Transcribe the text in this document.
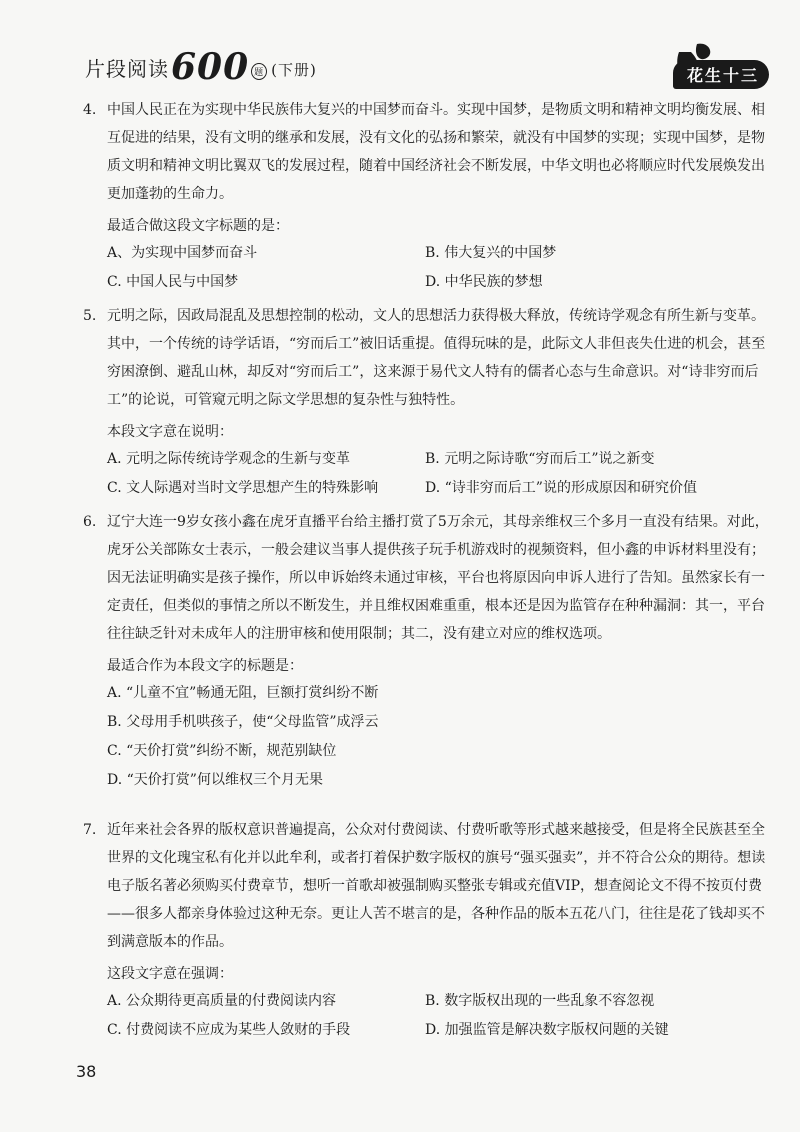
片段阅读 600 题 (下册)	花生十三
4. 中国人民正在为实现中华民族伟大复兴的中国梦而奋斗。实现中国梦，是物质文明和精神文明均衡发展、相互促进的结果，没有文明的继承和发展，没有文化的弘扬和繁荣，就没有中国梦的实现；实现中国梦，是物质文明和精神文明比翼双飞的发展过程，随着中国经济社会不断发展，中华文明也必将顺应时代发展焕发出更加蓬勃的生命力。
最适合做这段文字标题的是：
A、为实现中国梦而奋斗	B. 伟大复兴的中国梦
C. 中国人民与中国梦	D. 中华民族的梦想
5. 元明之际，因政局混乱及思想控制的松动，文人的思想活力获得极大释放，传统诗学观念有所生新与变革。其中，一个传统的诗学话语，“穷而后工”被旧话重提。值得玩味的是，此际文人非但丧失仕进的机会，甚至穷困潦倒、避乱山林，却反对“穷而后工”，这来源于易代文人特有的儒者心态与生命意识。对“诗非穷而后工”的论说，可管窥元明之际文学思想的复杂性与独特性。
本段文字意在说明：
A. 元明之际传统诗学观念的生新与变革	B. 元明之际诗歌“穷而后工”说之新变
C. 文人际遇对当时文学思想产生的特殊影响	D. “诗非穷而后工”说的形成原因和研究价值
6. 辽宁大连一9岁女孩小鑫在虎牙直播平台给主播打赏了5万余元，其母亲维权三个多月一直没有结果。对此，虎牙公关部陈女士表示，一般会建议当事人提供孩子玩手机游戏时的视频资料，但小鑫的申诉材料里没有；因无法证明确实是孩子操作，所以申诉始终未通过审核，平台也将原因向申诉人进行了告知。虽然家长有一定责任，但类似的事情之所以不断发生，并且维权困难重重，根本还是因为监管存在种种漏洞：其一，平台往往缺乏针对未成年人的注册审核和使用限制；其二，没有建立对应的维权选项。
最适合作为本段文字的标题是：
A. “儿童不宜”畅通无阻，巨额打赏纠纷不断
B. 父母用手机哄孩子，使“父母监管”成浮云
C. “天价打赏”纠纷不断，规范别缺位
D. “天价打赏”何以维权三个月无果
7. 近年来社会各界的版权意识普遍提高，公众对付费阅读、付费听歌等形式越来越接受，但是将全民族甚至全世界的文化瑰宝私有化并以此牟利，或者打着保护数字版权的旗号“强买强卖”，并不符合公众的期待。想读电子版名著必须购买付费章节，想听一首歌却被强制购买整张专辑或充值VIP，想查阅论文不得不按页付费——很多人都亲身体验过这种无奈。更让人苦不堪言的是，各种作品的版本五花八门，往往是花了钱却买不到满意版本的作品。
这段文字意在强调：
A. 公众期待更高质量的付费阅读内容	B. 数字版权出现的一些乱象不容忽视
C. 付费阅读不应成为某些人敛财的手段	D. 加强监管是解决数字版权问题的关键
38
